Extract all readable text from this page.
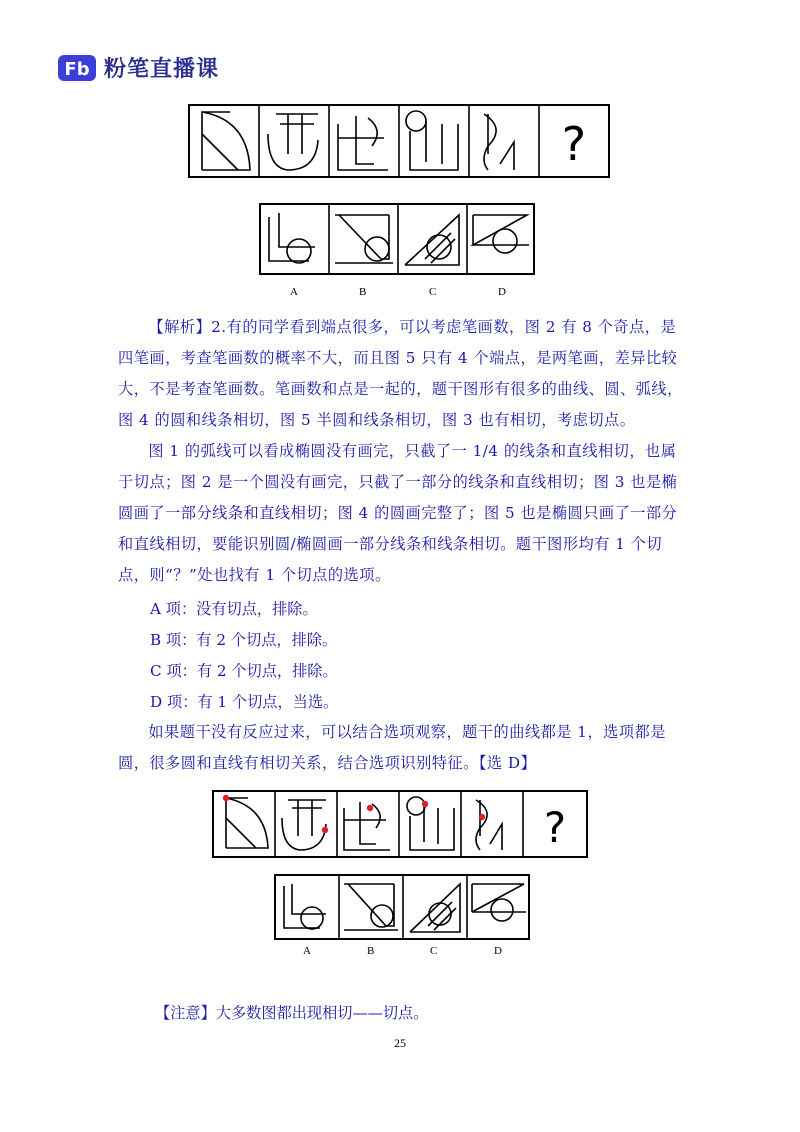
Fb 粉笔直播课
?
A	B	C	D

【解析】2.有的同学看到端点很多，可以考虑笔画数，图 2 有 8 个奇点，是四笔画，考查笔画数的概率不大，而且图 5 只有 4 个端点，是两笔画，差异比较大，不是考查笔画数。笔画数和点是一起的，题干图形有很多的曲线、圆、弧线，图 4 的圆和线条相切，图 5 半圆和线条相切，图 3 也有相切，考虑切点。

图 1 的弧线可以看成椭圆没有画完，只截了一 1/4 的线条和直线相切，也属于切点；图 2 是一个圆没有画完，只截了一部分的线条和直线相切；图 3 也是椭圆画了一部分线条和直线相切；图 4 的圆画完整了；图 5 也是椭圆只画了一部分和直线相切，要能识别圆/椭圆画一部分线条和线条相切。题干图形均有 1 个切点，则“？”处也找有 1 个切点的选项。

A 项：没有切点，排除。
B 项：有 2 个切点，排除。
C 项：有 2 个切点，排除。
D 项：有 1 个切点，当选。

如果题干没有反应过来，可以结合选项观察，题干的曲线都是 1，选项都是圆，很多圆和直线有相切关系，结合选项识别特征。【选 D】

?
A	B	C	D
【注意】大多数图都出现相切——切点。
25
